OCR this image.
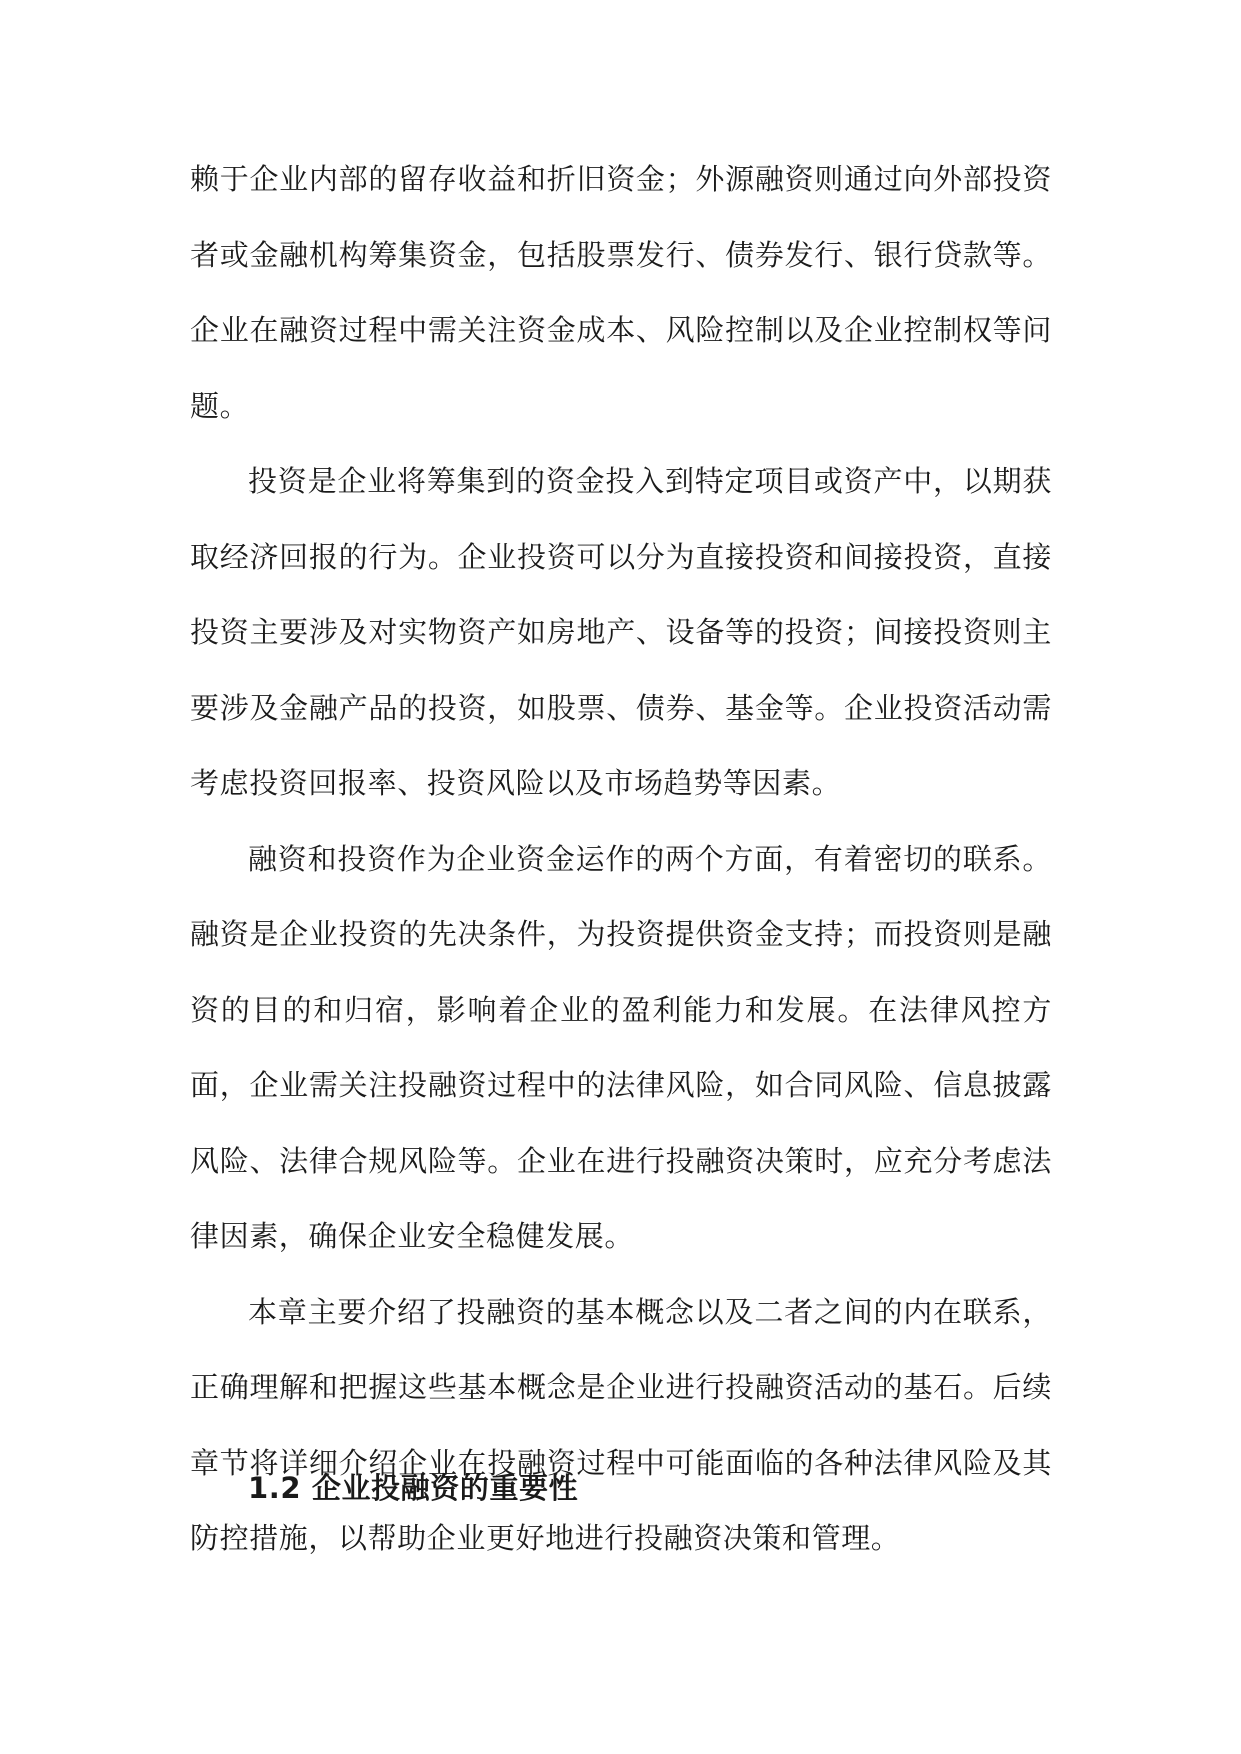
赖于企业内部的留存收益和折旧资金；外源融资则通过向外部投资者或金融机构筹集资金，包括股票发行、债券发行、银行贷款等。企业在融资过程中需关注资金成本、风险控制以及企业控制权等问题。

投资是企业将筹集到的资金投入到特定项目或资产中，以期获取经济回报的行为。企业投资可以分为直接投资和间接投资，直接投资主要涉及对实物资产如房地产、设备等的投资；间接投资则主要涉及金融产品的投资，如股票、债券、基金等。企业投资活动需考虑投资回报率、投资风险以及市场趋势等因素。

融资和投资作为企业资金运作的两个方面，有着密切的联系。融资是企业投资的先决条件，为投资提供资金支持；而投资则是融资的目的和归宿，影响着企业的盈利能力和发展。在法律风控方面，企业需关注投融资过程中的法律风险，如合同风险、信息披露风险、法律合规风险等。企业在进行投融资决策时，应充分考虑法律因素，确保企业安全稳健发展。

本章主要介绍了投融资的基本概念以及二者之间的内在联系，正确理解和把握这些基本概念是企业进行投融资活动的基石。后续章节将详细介绍企业在投融资过程中可能面临的各种法律风险及其防控措施，以帮助企业更好地进行投融资决策和管理。

1.2 企业投融资的重要性
